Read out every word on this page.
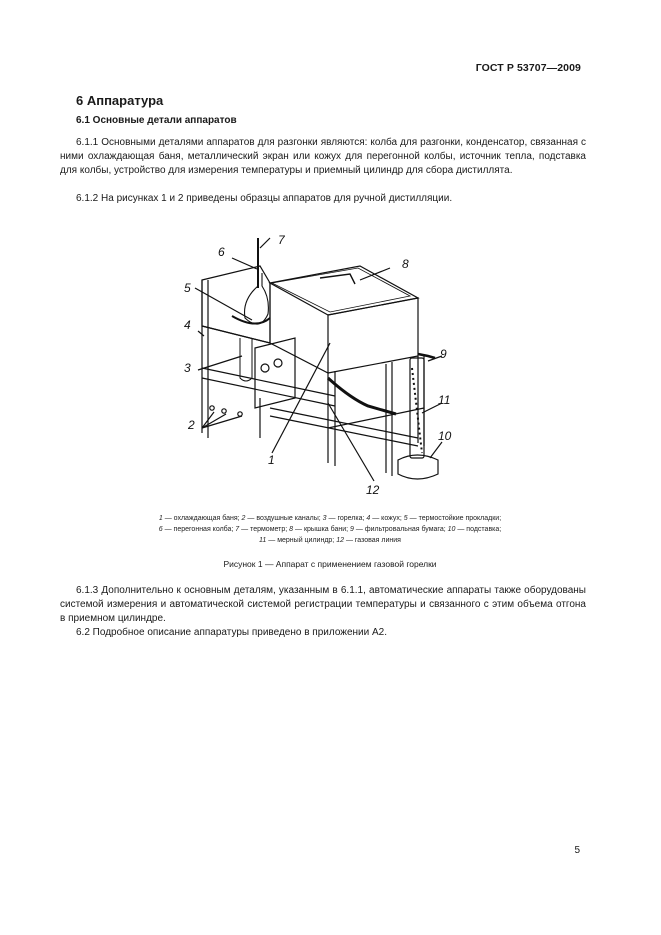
ГОСТ Р 53707—2009
6 Аппаратура
6.1 Основные детали аппаратов
6.1.1 Основными деталями аппаратов для разгонки являются: колба для разгонки, конденсатор, связанная с ними охлаждающая баня, металлический экран или кожух для перегонной колбы, источник тепла, подставка для колбы, устройство для измерения температуры и приемный цилиндр для сбора дистиллята.
6.1.2 На рисунках 1 и 2 приведены образцы аппаратов для ручной дистилляции.
1
2
3
4
5
6
7
8
9
10
11
12
1 — охлаждающая баня; 2 — воздушные каналы; 3 — горелка; 4 — кожух; 5 — термостойкие прокладки;
6 — перегонная колба; 7 — термометр; 8 — крышка бани; 9 — фильтровальная бумага; 10 — подставка;
11 — мерный цилиндр; 12 — газовая линия
Рисунок 1 — Аппарат с применением газовой горелки
6.1.3 Дополнительно к основным деталям, указанным в 6.1.1, автоматические аппараты также оборудованы системой измерения и автоматической системой регистрации температуры и связанного с этим объема отгона в приемном цилиндре.
6.2 Подробное описание аппаратуры приведено в приложении А2.
5
